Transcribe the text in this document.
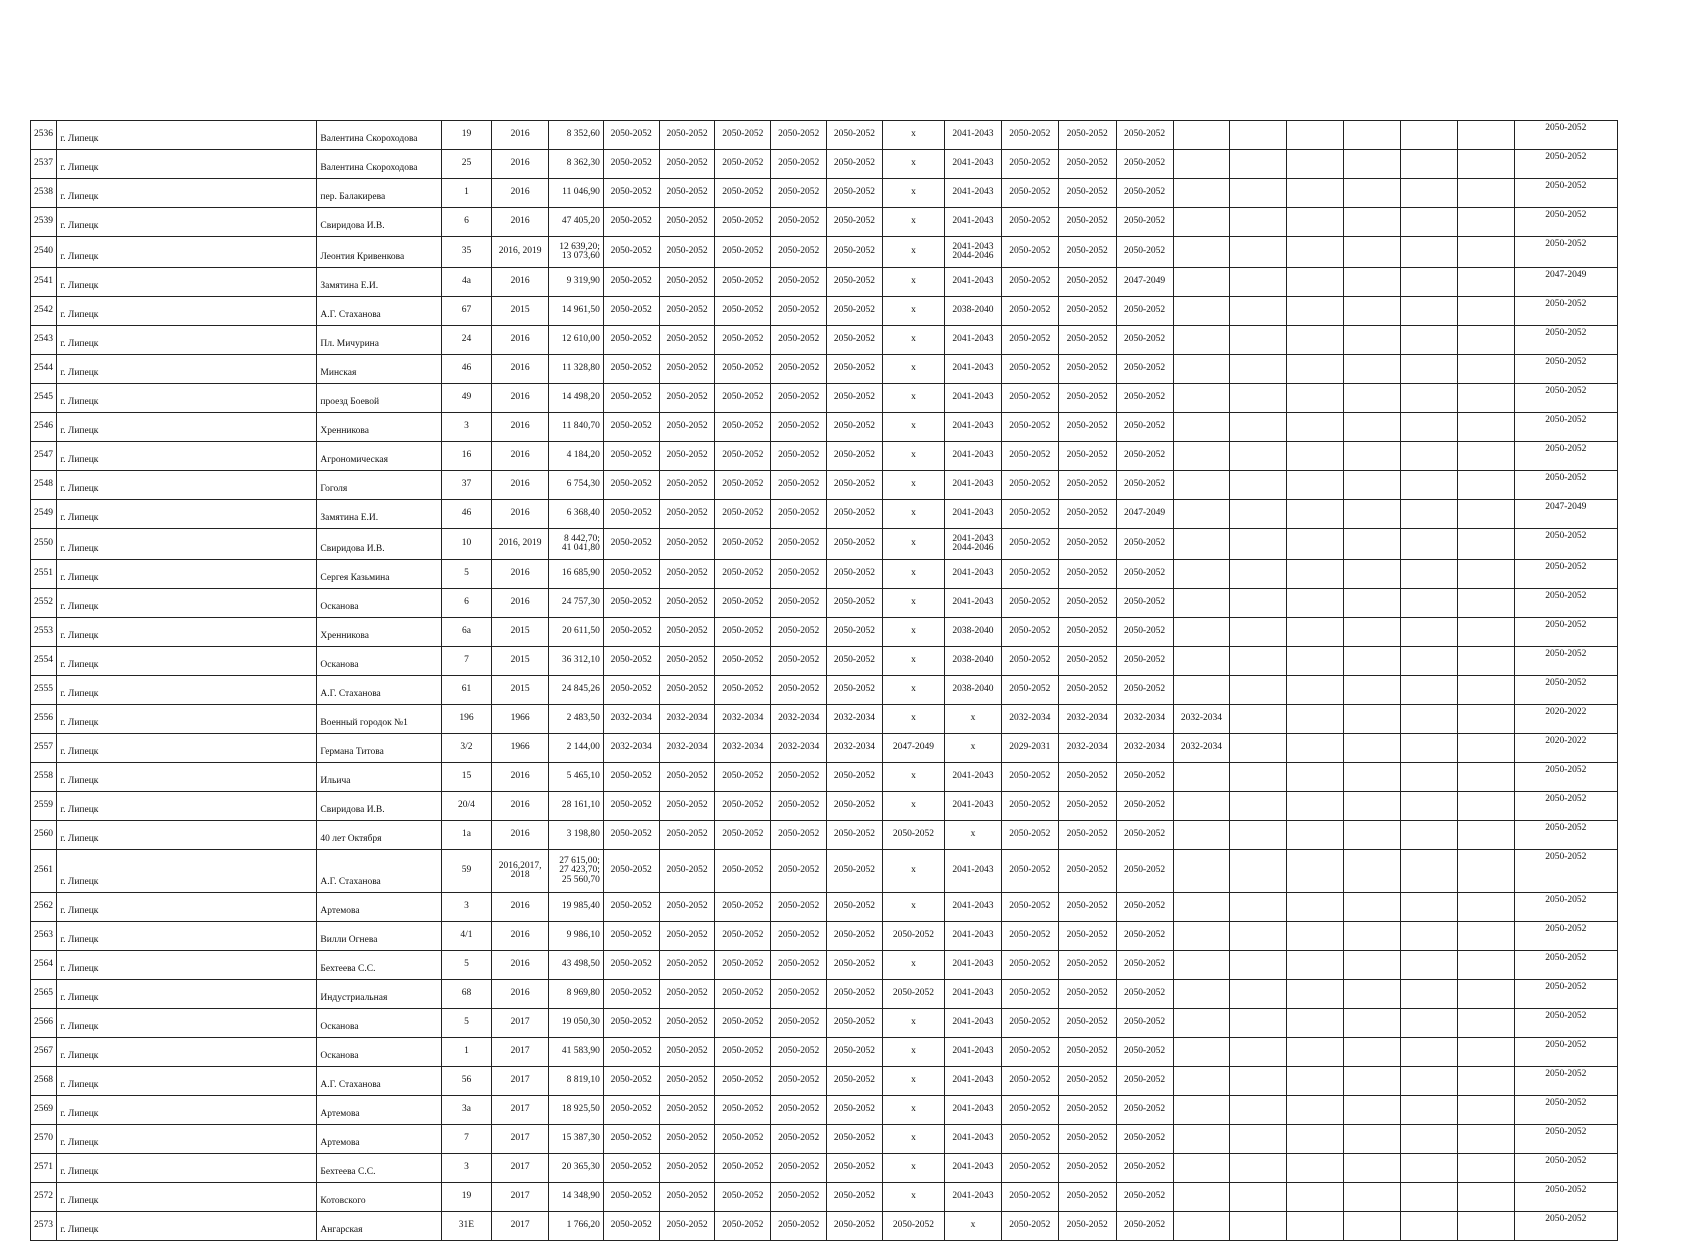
2536	г. Липецк	Валентина Скороходова	19	2016	8 352,60	2050-2052	2050-2052	2050-2052	2050-2052	2050-2052	x	2041-2043	2050-2052	2050-2052	2050-2052							2050-2052
2537	г. Липецк	Валентина Скороходова	25	2016	8 362,30	2050-2052	2050-2052	2050-2052	2050-2052	2050-2052	x	2041-2043	2050-2052	2050-2052	2050-2052							2050-2052
2538	г. Липецк	пер. Балакирева	1	2016	11 046,90	2050-2052	2050-2052	2050-2052	2050-2052	2050-2052	x	2041-2043	2050-2052	2050-2052	2050-2052							2050-2052
2539	г. Липецк	Свиридова И.В.	6	2016	47 405,20	2050-2052	2050-2052	2050-2052	2050-2052	2050-2052	x	2041-2043	2050-2052	2050-2052	2050-2052							2050-2052
2540	г. Липецк	Леонтия Кривенкова	35	2016, 2019	12 639,20;
13 073,60	2050-2052	2050-2052	2050-2052	2050-2052	2050-2052	x	2041-2043
2044-2046	2050-2052	2050-2052	2050-2052							2050-2052
2541	г. Липецк	Замятина Е.И.	4а	2016	9 319,90	2050-2052	2050-2052	2050-2052	2050-2052	2050-2052	x	2041-2043	2050-2052	2050-2052	2047-2049							2047-2049
2542	г. Липецк	А.Г. Стаханова	67	2015	14 961,50	2050-2052	2050-2052	2050-2052	2050-2052	2050-2052	x	2038-2040	2050-2052	2050-2052	2050-2052							2050-2052
2543	г. Липецк	Пл. Мичурина	24	2016	12 610,00	2050-2052	2050-2052	2050-2052	2050-2052	2050-2052	x	2041-2043	2050-2052	2050-2052	2050-2052							2050-2052
2544	г. Липецк	Минская	46	2016	11 328,80	2050-2052	2050-2052	2050-2052	2050-2052	2050-2052	x	2041-2043	2050-2052	2050-2052	2050-2052							2050-2052
2545	г. Липецк	проезд Боевой	49	2016	14 498,20	2050-2052	2050-2052	2050-2052	2050-2052	2050-2052	x	2041-2043	2050-2052	2050-2052	2050-2052							2050-2052
2546	г. Липецк	Хренникова	3	2016	11 840,70	2050-2052	2050-2052	2050-2052	2050-2052	2050-2052	x	2041-2043	2050-2052	2050-2052	2050-2052							2050-2052
2547	г. Липецк	Агрономическая	16	2016	4 184,20	2050-2052	2050-2052	2050-2052	2050-2052	2050-2052	x	2041-2043	2050-2052	2050-2052	2050-2052							2050-2052
2548	г. Липецк	Гоголя	37	2016	6 754,30	2050-2052	2050-2052	2050-2052	2050-2052	2050-2052	x	2041-2043	2050-2052	2050-2052	2050-2052							2050-2052
2549	г. Липецк	Замятина Е.И.	46	2016	6 368,40	2050-2052	2050-2052	2050-2052	2050-2052	2050-2052	x	2041-2043	2050-2052	2050-2052	2047-2049							2047-2049
2550	г. Липецк	Свиридова И.В.	10	2016, 2019	8 442,70;
41 041,80	2050-2052	2050-2052	2050-2052	2050-2052	2050-2052	x	2041-2043
2044-2046	2050-2052	2050-2052	2050-2052							2050-2052
2551	г. Липецк	Сергея Казьмина	5	2016	16 685,90	2050-2052	2050-2052	2050-2052	2050-2052	2050-2052	x	2041-2043	2050-2052	2050-2052	2050-2052							2050-2052
2552	г. Липецк	Осканова	6	2016	24 757,30	2050-2052	2050-2052	2050-2052	2050-2052	2050-2052	x	2041-2043	2050-2052	2050-2052	2050-2052							2050-2052
2553	г. Липецк	Хренникова	6а	2015	20 611,50	2050-2052	2050-2052	2050-2052	2050-2052	2050-2052	x	2038-2040	2050-2052	2050-2052	2050-2052							2050-2052
2554	г. Липецк	Осканова	7	2015	36 312,10	2050-2052	2050-2052	2050-2052	2050-2052	2050-2052	x	2038-2040	2050-2052	2050-2052	2050-2052							2050-2052
2555	г. Липецк	А.Г. Стаханова	61	2015	24 845,26	2050-2052	2050-2052	2050-2052	2050-2052	2050-2052	x	2038-2040	2050-2052	2050-2052	2050-2052							2050-2052
2556	г. Липецк	Военный городок №1	196	1966	2 483,50	2032-2034	2032-2034	2032-2034	2032-2034	2032-2034	x	x	2032-2034	2032-2034	2032-2034	2032-2034						2020-2022
2557	г. Липецк	Германа Титова	3/2	1966	2 144,00	2032-2034	2032-2034	2032-2034	2032-2034	2032-2034	2047-2049	x	2029-2031	2032-2034	2032-2034	2032-2034						2020-2022
2558	г. Липецк	Ильича	15	2016	5 465,10	2050-2052	2050-2052	2050-2052	2050-2052	2050-2052	x	2041-2043	2050-2052	2050-2052	2050-2052							2050-2052
2559	г. Липецк	Свиридова И.В.	20/4	2016	28 161,10	2050-2052	2050-2052	2050-2052	2050-2052	2050-2052	x	2041-2043	2050-2052	2050-2052	2050-2052							2050-2052
2560	г. Липецк	40 лет Октября	1а	2016	3 198,80	2050-2052	2050-2052	2050-2052	2050-2052	2050-2052	2050-2052	x	2050-2052	2050-2052	2050-2052							2050-2052
2561	г. Липецк	А.Г. Стаханова	59	2016,2017,
2018	27 615,00;
27 423,70;
25 560,70	2050-2052	2050-2052	2050-2052	2050-2052	2050-2052	x	2041-2043	2050-2052	2050-2052	2050-2052							2050-2052
2562	г. Липецк	Артемова	3	2016	19 985,40	2050-2052	2050-2052	2050-2052	2050-2052	2050-2052	x	2041-2043	2050-2052	2050-2052	2050-2052							2050-2052
2563	г. Липецк	Вилли Огнева	4/1	2016	9 986,10	2050-2052	2050-2052	2050-2052	2050-2052	2050-2052	2050-2052	2041-2043	2050-2052	2050-2052	2050-2052							2050-2052
2564	г. Липецк	Бехтеева С.С.	5	2016	43 498,50	2050-2052	2050-2052	2050-2052	2050-2052	2050-2052	x	2041-2043	2050-2052	2050-2052	2050-2052							2050-2052
2565	г. Липецк	Индустриальная	68	2016	8 969,80	2050-2052	2050-2052	2050-2052	2050-2052	2050-2052	2050-2052	2041-2043	2050-2052	2050-2052	2050-2052							2050-2052
2566	г. Липецк	Осканова	5	2017	19 050,30	2050-2052	2050-2052	2050-2052	2050-2052	2050-2052	x	2041-2043	2050-2052	2050-2052	2050-2052							2050-2052
2567	г. Липецк	Осканова	1	2017	41 583,90	2050-2052	2050-2052	2050-2052	2050-2052	2050-2052	x	2041-2043	2050-2052	2050-2052	2050-2052							2050-2052
2568	г. Липецк	А.Г. Стаханова	56	2017	8 819,10	2050-2052	2050-2052	2050-2052	2050-2052	2050-2052	x	2041-2043	2050-2052	2050-2052	2050-2052							2050-2052
2569	г. Липецк	Артемова	3а	2017	18 925,50	2050-2052	2050-2052	2050-2052	2050-2052	2050-2052	x	2041-2043	2050-2052	2050-2052	2050-2052							2050-2052
2570	г. Липецк	Артемова	7	2017	15 387,30	2050-2052	2050-2052	2050-2052	2050-2052	2050-2052	x	2041-2043	2050-2052	2050-2052	2050-2052							2050-2052
2571	г. Липецк	Бехтеева С.С.	3	2017	20 365,30	2050-2052	2050-2052	2050-2052	2050-2052	2050-2052	x	2041-2043	2050-2052	2050-2052	2050-2052							2050-2052
2572	г. Липецк	Котовского	19	2017	14 348,90	2050-2052	2050-2052	2050-2052	2050-2052	2050-2052	x	2041-2043	2050-2052	2050-2052	2050-2052							2050-2052
2573	г. Липецк	Ангарская	31Е	2017	1 766,20	2050-2052	2050-2052	2050-2052	2050-2052	2050-2052	2050-2052	x	2050-2052	2050-2052	2050-2052							2050-2052
